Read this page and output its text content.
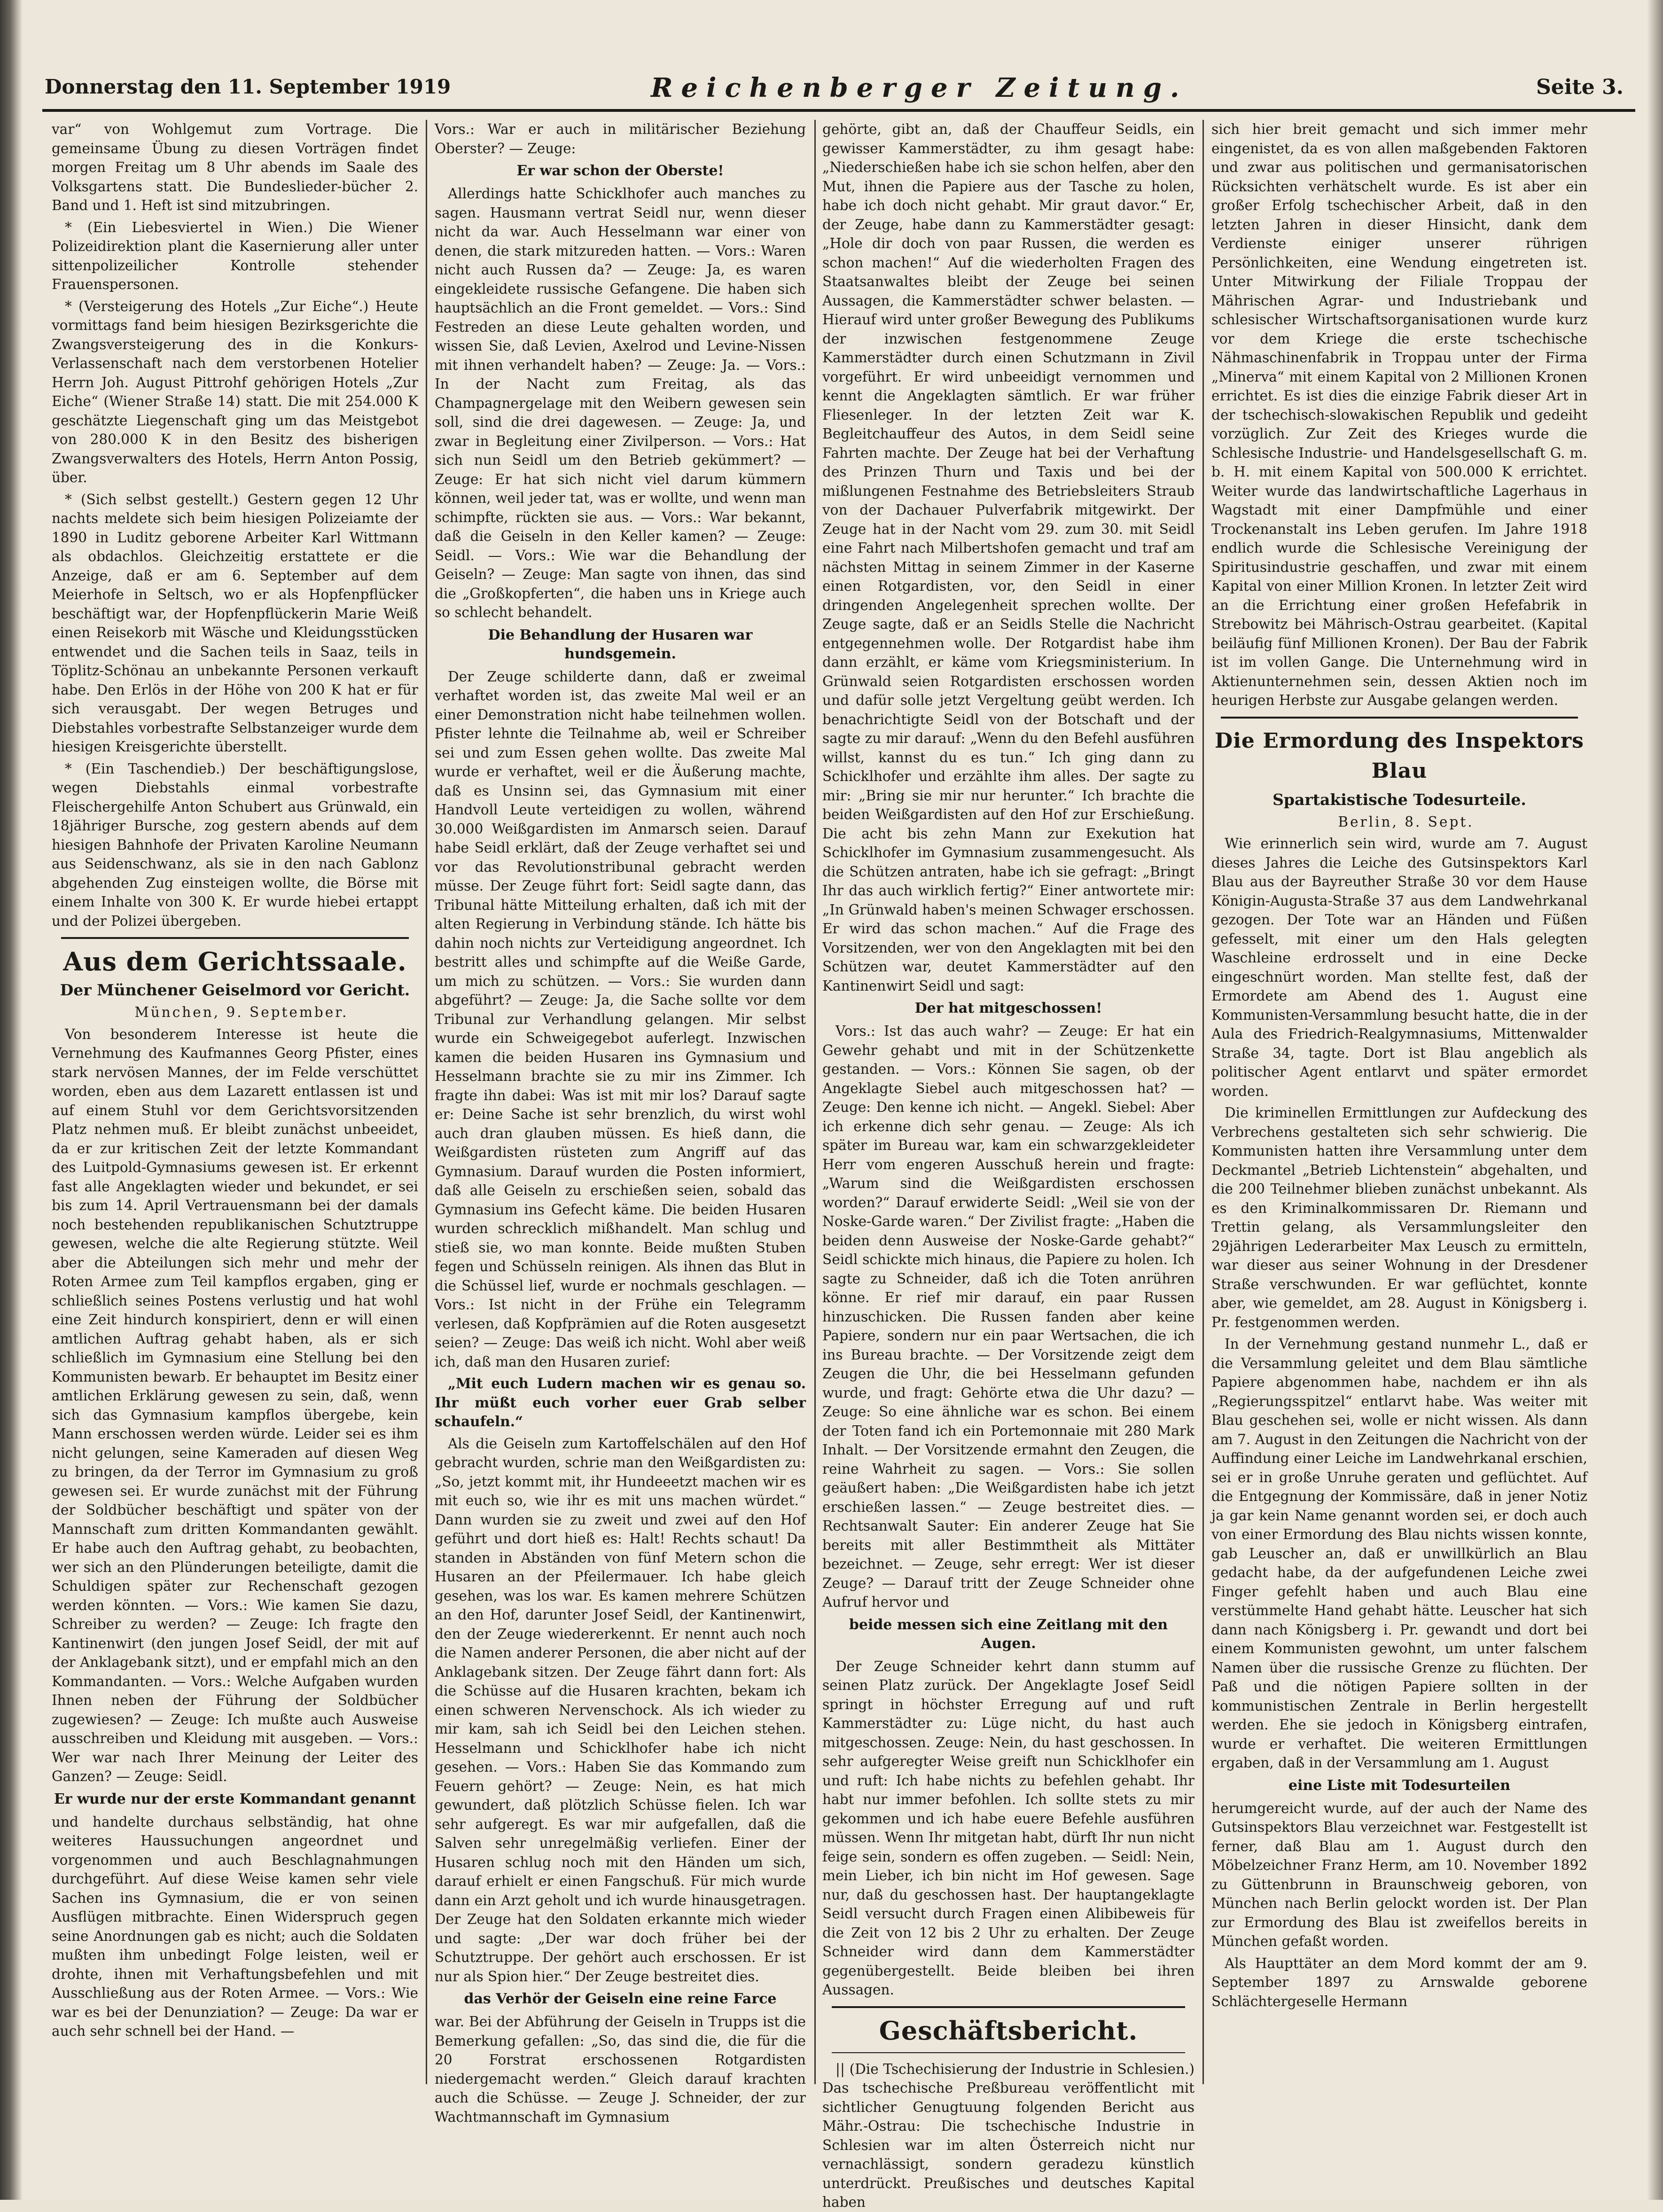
Donnerstag den 11. September 1919	Reichenberger Zeitung.	Seite 3.

var“ von Wohlgemut zum Vortrage. Die gemeinsame Übung zu diesen Vorträgen findet morgen Freitag um 8 Uhr abends im Saale des Volksgartens statt. Die Bundeslieder-bücher 2. Band und 1. Heft ist sind mitzubringen.

* (Ein Liebesviertel in Wien.) Die Wiener Polizeidirektion plant die Kasernierung aller unter sittenpolizeilicher Kontrolle stehender Frauenspersonen.

* (Versteigerung des Hotels „Zur Eiche“.) Heute vormittags fand beim hiesigen Bezirksgerichte die Zwangsversteigerung des in die Konkurs-Verlassenschaft nach dem verstorbenen Hotelier Herrn Joh. August Pittrohf gehörigen Hotels „Zur Eiche“ (Wiener Straße 14) statt. Die mit 254.000 K geschätzte Liegenschaft ging um das Meistgebot von 280.000 K in den Besitz des bisherigen Zwangsverwalters des Hotels, Herrn Anton Possig, über.

* (Sich selbst gestellt.) Gestern gegen 12 Uhr nachts meldete sich beim hiesigen Polizeiamte der 1890 in Luditz geborene Arbeiter Karl Wittmann als obdachlos. Gleichzeitig erstattete er die Anzeige, daß er am 6. September auf dem Meierhofe in Seltsch, wo er als Hopfenpflücker beschäftigt war, der Hopfenpflückerin Marie Weiß einen Reisekorb mit Wäsche und Kleidungsstücken entwendet und die Sachen teils in Saaz, teils in Töplitz-Schönau an unbekannte Personen verkauft habe. Den Erlös in der Höhe von 200 K hat er für sich verausgabt. Der wegen Betruges und Diebstahles vorbestrafte Selbstanzeiger wurde dem hiesigen Kreisgerichte überstellt.

* (Ein Taschendieb.) Der beschäftigungslose, wegen Diebstahls einmal vorbestrafte Fleischergehilfe Anton Schubert aus Grünwald, ein 18jähriger Bursche, zog gestern abends auf dem hiesigen Bahnhofe der Privaten Karoline Neumann aus Seidenschwanz, als sie in den nach Gablonz abgehenden Zug einsteigen wollte, die Börse mit einem Inhalte von 300 K. Er wurde hiebei ertappt und der Polizei übergeben.

Aus dem Gerichtssaale.
Der Münchener Geiselmord vor Gericht.

München, 9. September.

Von besonderem Interesse ist heute die Vernehmung des Kaufmannes Georg Pfister, eines stark nervösen Mannes, der im Felde verschüttet worden, eben aus dem Lazarett entlassen ist und auf einem Stuhl vor dem Gerichtsvorsitzenden Platz nehmen muß. Er bleibt zunächst unbeeidet, da er zur kritischen Zeit der letzte Kommandant des Luitpold-Gymnasiums gewesen ist. Er erkennt fast alle Angeklagten wieder und bekundet, er sei bis zum 14. April Vertrauensmann bei der damals noch bestehenden republikanischen Schutztruppe gewesen, welche die alte Regierung stützte. Weil aber die Abteilungen sich mehr und mehr der Roten Armee zum Teil kampflos ergaben, ging er schließlich seines Postens verlustig und hat wohl eine Zeit hindurch konspiriert, denn er will einen amtlichen Auftrag gehabt haben, als er sich schließlich im Gymnasium eine Stellung bei den Kommunisten bewarb. Er behauptet im Besitz einer amtlichen Erklärung gewesen zu sein, daß, wenn sich das Gymnasium kampflos übergebe, kein Mann erschossen werden würde. Leider sei es ihm nicht gelungen, seine Kameraden auf diesen Weg zu bringen, da der Terror im Gymnasium zu groß gewesen sei. Er wurde zunächst mit der Führung der Soldbücher beschäftigt und später von der Mannschaft zum dritten Kommandanten gewählt. Er habe auch den Auftrag gehabt, zu beobachten, wer sich an den Plünderungen beteiligte, damit die Schuldigen später zur Rechenschaft gezogen werden könnten. — Vors.: Wie kamen Sie dazu, Schreiber zu werden? — Zeuge: Ich fragte den Kantinenwirt (den jungen Josef Seidl, der mit auf der Anklagebank sitzt), und er empfahl mich an den Kommandanten. — Vors.: Welche Aufgaben wurden Ihnen neben der Führung der Soldbücher zugewiesen? — Zeuge: Ich mußte auch Ausweise ausschreiben und Kleidung mit ausgeben. — Vors.: Wer war nach Ihrer Meinung der Leiter des Ganzen? — Zeuge: Seidl.

Er wurde nur der erste Kommandant genannt

und handelte durchaus selbständig, hat ohne weiteres Haussuchungen angeordnet und vorgenommen und auch Beschlagnahmungen durchgeführt. Auf diese Weise kamen sehr viele Sachen ins Gymnasium, die er von seinen Ausflügen mitbrachte. Einen Widerspruch gegen seine Anordnungen gab es nicht; auch die Soldaten mußten ihm unbedingt Folge leisten, weil er drohte, ihnen mit Verhaftungsbefehlen und mit Ausschließung aus der Roten Armee. — Vors.: Wie war es bei der Denunziation? — Zeuge: Da war er auch sehr schnell bei der Hand. —

Vors.: War er auch in militärischer Beziehung Oberster? — Zeuge:

Er war schon der Oberste!

Allerdings hatte Schicklhofer auch manches zu sagen. Hausmann vertrat Seidl nur, wenn dieser nicht da war. Auch Hesselmann war einer von denen, die stark mitzureden hatten. — Vors.: Waren nicht auch Russen da? — Zeuge: Ja, es waren eingekleidete russische Gefangene. Die haben sich hauptsächlich an die Front gemeldet. — Vors.: Sind Festreden an diese Leute gehalten worden, und wissen Sie, daß Levien, Axelrod und Levine-Nissen mit ihnen verhandelt haben? — Zeuge: Ja. — Vors.: In der Nacht zum Freitag, als das Champagnergelage mit den Weibern gewesen sein soll, sind die drei dagewesen. — Zeuge: Ja, und zwar in Begleitung einer Zivilperson. — Vors.: Hat sich nun Seidl um den Betrieb gekümmert? — Zeuge: Er hat sich nicht viel darum kümmern können, weil jeder tat, was er wollte, und wenn man schimpfte, rückten sie aus. — Vors.: War bekannt, daß die Geiseln in den Keller kamen? — Zeuge: Seidl. — Vors.: Wie war die Behandlung der Geiseln? — Zeuge: Man sagte von ihnen, das sind die „Großkopferten“, die haben uns in Kriege auch so schlecht behandelt.

Die Behandlung der Husaren war hundsgemein.

Der Zeuge schilderte dann, daß er zweimal verhaftet worden ist, das zweite Mal weil er an einer Demonstration nicht habe teilnehmen wollen. Pfister lehnte die Teilnahme ab, weil er Schreiber sei und zum Essen gehen wollte. Das zweite Mal wurde er verhaftet, weil er die Äußerung machte, daß es Unsinn sei, das Gymnasium mit einer Handvoll Leute verteidigen zu wollen, während 30.000 Weißgardisten im Anmarsch seien. Darauf habe Seidl erklärt, daß der Zeuge verhaftet sei und vor das Revolutionstribunal gebracht werden müsse. Der Zeuge führt fort: Seidl sagte dann, das Tribunal hätte Mitteilung erhalten, daß ich mit der alten Regierung in Verbindung stände. Ich hätte bis dahin noch nichts zur Verteidigung angeordnet. Ich bestritt alles und schimpfte auf die Weiße Garde, um mich zu schützen. — Vors.: Sie wurden dann abgeführt? — Zeuge: Ja, die Sache sollte vor dem Tribunal zur Verhandlung gelangen. Mir selbst wurde ein Schweigegebot auferlegt. Inzwischen kamen die beiden Husaren ins Gymnasium und Hesselmann brachte sie zu mir ins Zimmer. Ich fragte ihn dabei: Was ist mit mir los? Darauf sagte er: Deine Sache ist sehr brenzlich, du wirst wohl auch dran glauben müssen. Es hieß dann, die Weißgardisten rüsteten zum Angriff auf das Gymnasium. Darauf wurden die Posten informiert, daß alle Geiseln zu erschießen seien, sobald das Gymnasium ins Gefecht käme. Die beiden Husaren wurden schrecklich mißhandelt. Man schlug und stieß sie, wo man konnte. Beide mußten Stuben fegen und Schüsseln reinigen. Als ihnen das Blut in die Schüssel lief, wurde er nochmals geschlagen. — Vors.: Ist nicht in der Frühe ein Telegramm verlesen, daß Kopfprämien auf die Roten ausgesetzt seien? — Zeuge: Das weiß ich nicht. Wohl aber weiß ich, daß man den Husaren zurief:

„Mit euch Ludern machen wir es genau so. Ihr müßt euch vorher euer Grab selber schaufeln.“

Als die Geiseln zum Kartoffelschälen auf den Hof gebracht wurden, schrie man den Weißgardisten zu: „So, jetzt kommt mit, ihr Hundeeetzt machen wir es mit euch so, wie ihr es mit uns machen würdet.“ Dann wurden sie zu zweit und zwei auf den Hof geführt und dort hieß es: Halt! Rechts schaut! Da standen in Abständen von fünf Metern schon die Husaren an der Pfeilermauer. Ich habe gleich gesehen, was los war. Es kamen mehrere Schützen an den Hof, darunter Josef Seidl, der Kantinenwirt, den der Zeuge wiedererkennt. Er nennt auch noch die Namen anderer Personen, die aber nicht auf der Anklagebank sitzen. Der Zeuge fährt dann fort: Als die Schüsse auf die Husaren krachten, bekam ich einen schweren Nervenschock. Als ich wieder zu mir kam, sah ich Seidl bei den Leichen stehen. Hesselmann und Schicklhofer habe ich nicht gesehen. — Vors.: Haben Sie das Kommando zum Feuern gehört? — Zeuge: Nein, es hat mich gewundert, daß plötzlich Schüsse fielen. Ich war sehr aufgeregt. Es war mir aufgefallen, daß die Salven sehr unregelmäßig verliefen. Einer der Husaren schlug noch mit den Händen um sich, darauf erhielt er einen Fangschuß. Für mich wurde dann ein Arzt geholt und ich wurde hinausgetragen. Der Zeuge hat den Soldaten erkannte mich wieder und sagte: „Der war doch früher bei der Schutztruppe. Der gehört auch erschossen. Er ist nur als Spion hier.“ Der Zeuge bestreitet dies.

das Verhör der Geiseln eine reine Farce

war. Bei der Abführung der Geiseln in Trupps ist die Bemerkung gefallen: „So, das sind die, die für die 20 Forstrat erschossenen Rotgardisten niedergemacht werden.“ Gleich darauf krachten auch die Schüsse. — Zeuge J. Schneider, der zur Wachtmannschaft im Gymnasium

gehörte, gibt an, daß der Chauffeur Seidls, ein gewisser Kammerstädter, zu ihm gesagt habe: „Niederschießen habe ich sie schon helfen, aber den Mut, ihnen die Papiere aus der Tasche zu holen, habe ich doch nicht gehabt. Mir graut davor.“ Er, der Zeuge, habe dann zu Kammerstädter gesagt: „Hole dir doch von paar Russen, die werden es schon machen!“ Auf die wiederholten Fragen des Staatsanwaltes bleibt der Zeuge bei seinen Aussagen, die Kammerstädter schwer belasten. — Hierauf wird unter großer Bewegung des Publikums der inzwischen festgenommene Zeuge Kammerstädter durch einen Schutzmann in Zivil vorgeführt. Er wird unbeeidigt vernommen und kennt die Angeklagten sämtlich. Er war früher Fliesenleger. In der letzten Zeit war K. Begleitchauffeur des Autos, in dem Seidl seine Fahrten machte. Der Zeuge hat bei der Verhaftung des Prinzen Thurn und Taxis und bei der mißlungenen Festnahme des Betriebsleiters Straub von der Dachauer Pulverfabrik mitgewirkt. Der Zeuge hat in der Nacht vom 29. zum 30. mit Seidl eine Fahrt nach Milbertshofen gemacht und traf am nächsten Mittag in seinem Zimmer in der Kaserne einen Rotgardisten, vor, den Seidl in einer dringenden Angelegenheit sprechen wollte. Der Zeuge sagte, daß er an Seidls Stelle die Nachricht entgegennehmen wolle. Der Rotgardist habe ihm dann erzählt, er käme vom Kriegsministerium. In Grünwald seien Rotgardisten erschossen worden und dafür solle jetzt Vergeltung geübt werden. Ich benachrichtigte Seidl von der Botschaft und der sagte zu mir darauf: „Wenn du den Befehl ausführen willst, kannst du es tun.“ Ich ging dann zu Schicklhofer und erzählte ihm alles. Der sagte zu mir: „Bring sie mir nur herunter.“ Ich brachte die beiden Weißgardisten auf den Hof zur Erschießung. Die acht bis zehn Mann zur Exekution hat Schicklhofer im Gymnasium zusammengesucht. Als die Schützen antraten, habe ich sie gefragt: „Bringt Ihr das auch wirklich fertig?“ Einer antwortete mir: „In Grünwald haben's meinen Schwager erschossen. Er wird das schon machen.“ Auf die Frage des Vorsitzenden, wer von den Angeklagten mit bei den Schützen war, deutet Kammerstädter auf den Kantinenwirt Seidl und sagt:

Der hat mitgeschossen!

Vors.: Ist das auch wahr? — Zeuge: Er hat ein Gewehr gehabt und mit in der Schützenkette gestanden. — Vors.: Können Sie sagen, ob der Angeklagte Siebel auch mitgeschossen hat? — Zeuge: Den kenne ich nicht. — Angekl. Siebel: Aber ich erkenne dich sehr genau. — Zeuge: Als ich später im Bureau war, kam ein schwarzgekleideter Herr vom engeren Ausschuß herein und fragte: „Warum sind die Weißgardisten erschossen worden?“ Darauf erwiderte Seidl: „Weil sie von der Noske-Garde waren.“ Der Zivilist fragte: „Haben die beiden denn Ausweise der Noske-Garde gehabt?“ Seidl schickte mich hinaus, die Papiere zu holen. Ich sagte zu Schneider, daß ich die Toten anrühren könne. Er rief mir darauf, ein paar Russen hinzuschicken. Die Russen fanden aber keine Papiere, sondern nur ein paar Wertsachen, die ich ins Bureau brachte. — Der Vorsitzende zeigt dem Zeugen die Uhr, die bei Hesselmann gefunden wurde, und fragt: Gehörte etwa die Uhr dazu? — Zeuge: So eine ähnliche war es schon. Bei einem der Toten fand ich ein Portemonnaie mit 280 Mark Inhalt. — Der Vorsitzende ermahnt den Zeugen, die reine Wahrheit zu sagen. — Vors.: Sie sollen geäußert haben: „Die Weißgardisten habe ich jetzt erschießen lassen.“ — Zeuge bestreitet dies. — Rechtsanwalt Sauter: Ein anderer Zeuge hat Sie bereits mit aller Bestimmtheit als Mittäter bezeichnet. — Zeuge, sehr erregt: Wer ist dieser Zeuge? — Darauf tritt der Zeuge Schneider ohne Aufruf hervor und

beide messen sich eine Zeitlang mit den Augen.

Der Zeuge Schneider kehrt dann stumm auf seinen Platz zurück. Der Angeklagte Josef Seidl springt in höchster Erregung auf und ruft Kammerstädter zu: Lüge nicht, du hast auch mitgeschossen. Zeuge: Nein, du hast geschossen. In sehr aufgeregter Weise greift nun Schicklhofer ein und ruft: Ich habe nichts zu befehlen gehabt. Ihr habt nur immer befohlen. Ich sollte stets zu mir gekommen und ich habe euere Befehle ausführen müssen. Wenn Ihr mitgetan habt, dürft Ihr nun nicht feige sein, sondern es offen zugeben. — Seidl: Nein, mein Lieber, ich bin nicht im Hof gewesen. Sage nur, daß du geschossen hast. Der hauptangeklagte Seidl versucht durch Fragen einen Alibibeweis für die Zeit von 12 bis 2 Uhr zu erhalten. Der Zeuge Schneider wird dann dem Kammerstädter gegenübergestellt. Beide bleiben bei ihren Aussagen.

Geschäftsbericht.

|| (Die Tschechisierung der Industrie in Schlesien.) Das tschechische Preßbureau veröffentlicht mit sichtlicher Genugtuung folgenden Bericht aus Mähr.-Ostrau: Die tschechische Industrie in Schlesien war im alten Österreich nicht nur vernachlässigt, sondern geradezu künstlich unterdrückt. Preußisches und deutsches Kapital haben

sich hier breit gemacht und sich immer mehr eingenistet, da es von allen maßgebenden Faktoren und zwar aus politischen und germanisatorischen Rücksichten verhätschelt wurde. Es ist aber ein großer Erfolg tschechischer Arbeit, daß in den letzten Jahren in dieser Hinsicht, dank dem Verdienste einiger unserer rührigen Persönlichkeiten, eine Wendung eingetreten ist. Unter Mitwirkung der Filiale Troppau der Mährischen Agrar- und Industriebank und schlesischer Wirtschaftsorganisationen wurde kurz vor dem Kriege die erste tschechische Nähmaschinenfabrik in Troppau unter der Firma „Minerva“ mit einem Kapital von 2 Millionen Kronen errichtet. Es ist dies die einzige Fabrik dieser Art in der tschechisch-slowakischen Republik und gedeiht vorzüglich. Zur Zeit des Krieges wurde die Schlesische Industrie- und Handelsgesellschaft G. m. b. H. mit einem Kapital von 500.000 K errichtet. Weiter wurde das landwirtschaftliche Lagerhaus in Wagstadt mit einer Dampfmühle und einer Trockenanstalt ins Leben gerufen. Im Jahre 1918 endlich wurde die Schlesische Vereinigung der Spiritusindustrie geschaffen, und zwar mit einem Kapital von einer Million Kronen. In letzter Zeit wird an die Errichtung einer großen Hefefabrik in Strebowitz bei Mährisch-Ostrau gearbeitet. (Kapital beiläufig fünf Millionen Kronen). Der Bau der Fabrik ist im vollen Gange. Die Unternehmung wird in Aktienunternehmen sein, dessen Aktien noch im heurigen Herbste zur Ausgabe gelangen werden.

Die Ermordung des Inspektors Blau
Spartakistische Todesurteile.

Berlin, 8. Sept.

Wie erinnerlich sein wird, wurde am 7. August dieses Jahres die Leiche des Gutsinspektors Karl Blau aus der Bayreuther Straße 30 vor dem Hause Königin-Augusta-Straße 37 aus dem Landwehrkanal gezogen. Der Tote war an Händen und Füßen gefesselt, mit einer um den Hals gelegten Waschleine erdrosselt und in eine Decke eingeschnürt worden. Man stellte fest, daß der Ermordete am Abend des 1. August eine Kommunisten-Versammlung besucht hatte, die in der Aula des Friedrich-Realgymnasiums, Mittenwalder Straße 34, tagte. Dort ist Blau angeblich als politischer Agent entlarvt und später ermordet worden.

Die kriminellen Ermittlungen zur Aufdeckung des Verbrechens gestalteten sich sehr schwierig. Die Kommunisten hatten ihre Versammlung unter dem Deckmantel „Betrieb Lichtenstein“ abgehalten, und die 200 Teilnehmer blieben zunächst unbekannt. Als es den Kriminalkommissaren Dr. Riemann und Trettin gelang, als Versammlungsleiter den 29jährigen Lederarbeiter Max Leusch zu ermitteln, war dieser aus seiner Wohnung in der Dresdener Straße verschwunden. Er war geflüchtet, konnte aber, wie gemeldet, am 28. August in Königsberg i. Pr. festgenommen werden.

In der Vernehmung gestand nunmehr L., daß er die Versammlung geleitet und dem Blau sämtliche Papiere abgenommen habe, nachdem er ihn als „Regierungsspitzel“ entlarvt habe. Was weiter mit Blau geschehen sei, wolle er nicht wissen. Als dann am 7. August in den Zeitungen die Nachricht von der Auffindung einer Leiche im Landwehrkanal erschien, sei er in große Unruhe geraten und geflüchtet. Auf die Entgegnung der Kommissäre, daß in jener Notiz ja gar kein Name genannt worden sei, er doch auch von einer Ermordung des Blau nichts wissen konnte, gab Leuscher an, daß er unwillkürlich an Blau gedacht habe, da der aufgefundenen Leiche zwei Finger gefehlt haben und auch Blau eine verstümmelte Hand gehabt hätte. Leuscher hat sich dann nach Königsberg i. Pr. gewandt und dort bei einem Kommunisten gewohnt, um unter falschem Namen über die russische Grenze zu flüchten. Der Paß und die nötigen Papiere sollten in der kommunistischen Zentrale in Berlin hergestellt werden. Ehe sie jedoch in Königsberg eintrafen, wurde er verhaftet. Die weiteren Ermittlungen ergaben, daß in der Versammlung am 1. August

eine Liste mit Todesurteilen

herumgereicht wurde, auf der auch der Name des Gutsinspektors Blau verzeichnet war. Festgestellt ist ferner, daß Blau am 1. August durch den Möbelzeichner Franz Herm, am 10. November 1892 zu Güttenbrunn in Braunschweig geboren, von München nach Berlin gelockt worden ist. Der Plan zur Ermordung des Blau ist zweifellos bereits in München gefaßt worden.

Als Haupttäter an dem Mord kommt der am 9. September 1897 zu Arnswalde geborene Schlächtergeselle Hermann
